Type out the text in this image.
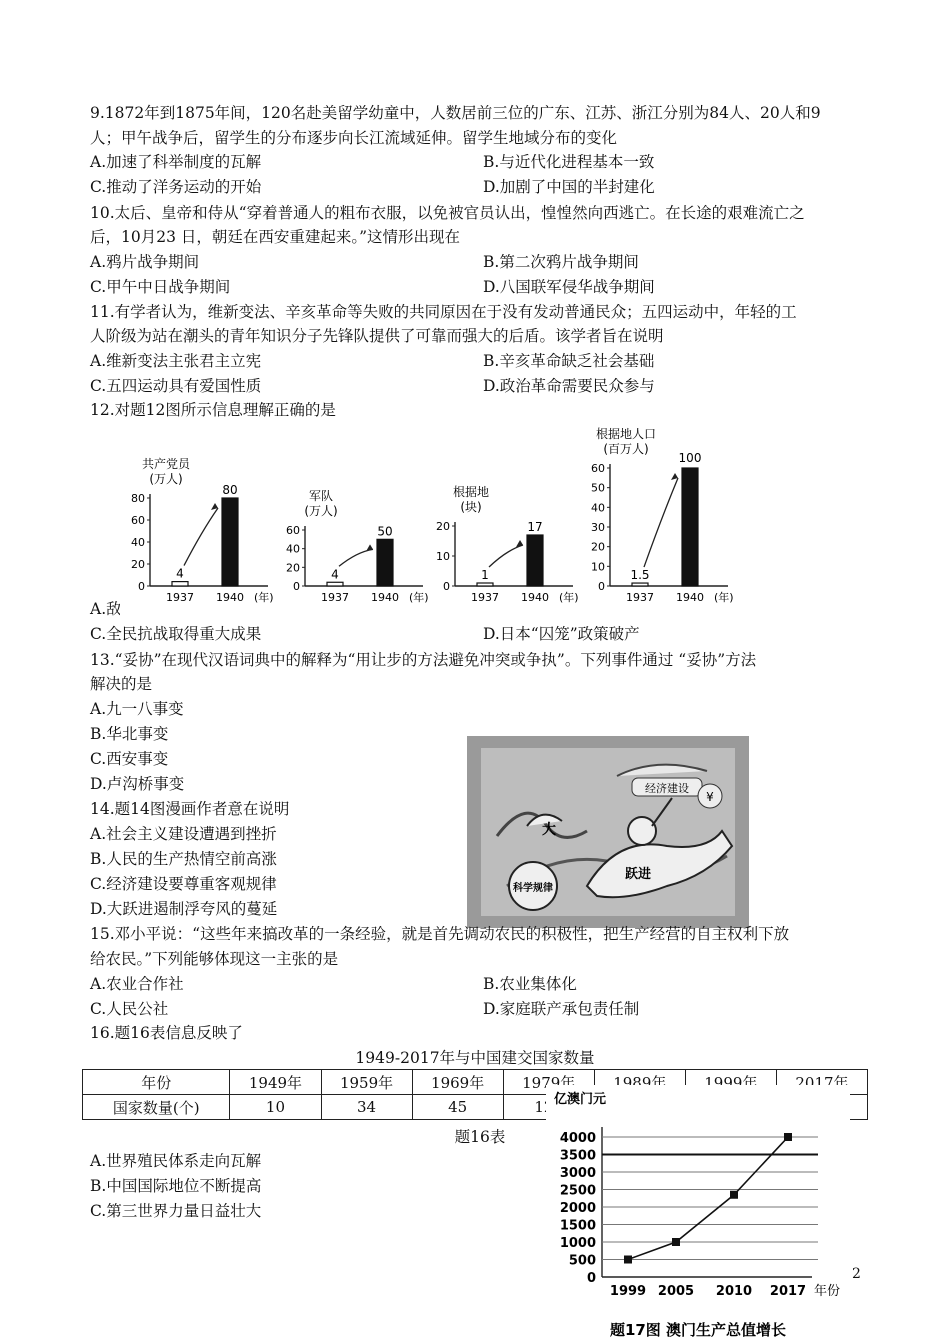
9.1872年到1875年间，120名赴美留学幼童中，人数居前三位的广东、江苏、浙江分别为84人、20人和9
人；甲午战争后，留学生的分布逐步向长江流域延伸。留学生地域分布的变化
A.加速了科举制度的瓦解	B.与近代化进程基本一致
C.推动了洋务运动的开始	D.加剧了中国的半封建化
10.太后、皇帝和侍从“穿着普通人的粗布衣服，以免被官员认出，惶惶然向西逃亡。在长途的艰难流亡之
后，10月23 日，朝廷在西安重建起来。”这情形出现在
A.鸦片战争期间	B.第二次鸦片战争期间
C.甲午中日战争期间	D.八国联军侵华战争期间
11.有学者认为，维新变法、辛亥革命等失败的共同原因在于没有发动普通民众；五四运动中，年轻的工
人阶级为站在潮头的青年知识分子先锋队提供了可靠而强大的后盾。该学者旨在说明
A.维新变法主张君主立宪	B.辛亥革命缺乏社会基础
C.五四运动具有爱国性质	D.政治革命需要民众参与
12.对题12图所示信息理解正确的是
A.敌后
C.全民抗战取得重大成果	D.日本“囚笼”政策破产
共产党员
(万人)
0
20
40
60
80
4
1937
80
1940 (年)
军队
(万人)
0
20
40
60
4
1937
50
1940 (年)
根据地
(块)
0
10
20
1
1937
17
1940 (年)
根据地人口
(百万人)
0
10
20
30
40
50
60
1.5
1937
100
1940 (年)
13.“妥协”在现代汉语词典中的解释为“用让步的方法避免冲突或争执”。下列事件通过 “妥协”方法
解决的是
A.九一八事变
B.华北事变
C.西安事变
D.卢沟桥事变
14.题14图漫画作者意在说明
A.社会主义建设遭遇到挫折
B.人民的生产热情空前高涨
C.经济建设要尊重客观规律
D.大跃进遏制浮夸风的蔓延
经济建设
¥
大
跃进
科学规律
15.邓小平说：“这些年来搞改革的一条经验，就是首先调动农民的积极性，把生产经营的自主权利下放
给农民。”下列能够体现这一主张的是
A.农业合作社	B.农业集体化
C.人民公社	D.家庭联产承包责任制
16.题16表信息反映了
1949-2017年与中国建交国家数量
年份	1949年	1959年	1969年	1979年	1989年	1999年	2017年
国家数量(个)	10	34	45	120			
题16表
A.世界殖民体系走向瓦解
B.中国国际地位不断提高
C.第三世界力量日益壮大
亿澳门元
0
500
1000
1500
2000
2500
3000
3500
4000
1999 2005 2010 2017 年份
题17图 澳门生产总值增长
2
